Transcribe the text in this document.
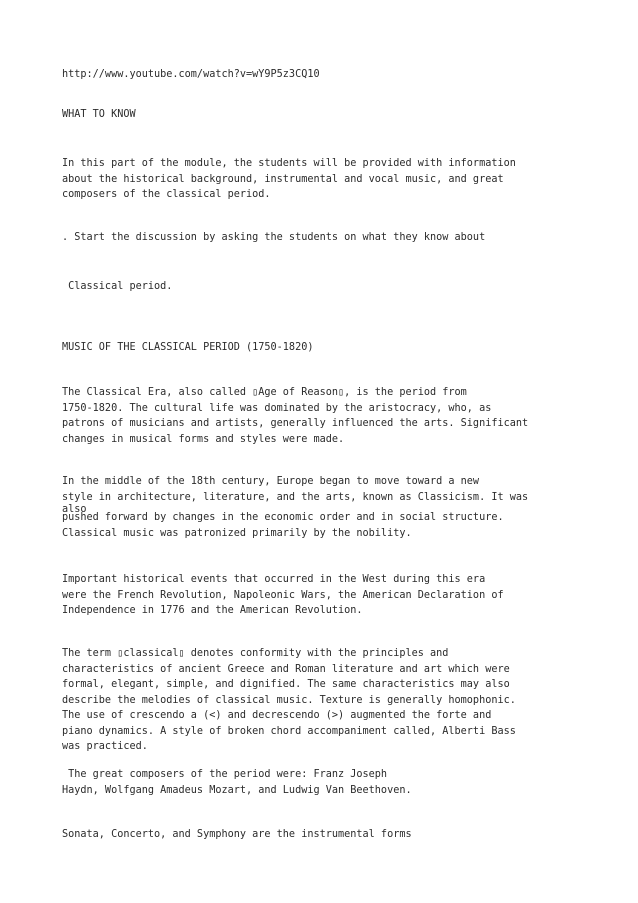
http://www.youtube.com/watch?v=wY9P5z3CQ10

WHAT TO KNOW

In this part of the module, the students will be provided with information

about the historical background, instrumental and vocal music, and great

composers of the classical period.

. Start the discussion by asking the students on what they know about

Classical period.

MUSIC OF THE CLASSICAL PERIOD (1750-1820)

The Classical Era, also called ▯Age of Reason▯, is the period from

1750-1820. The cultural life was dominated by the aristocracy, who, as

patrons of musicians and artists, generally influenced the arts. Significant

changes in musical forms and styles were made.

In the middle of the 18th century, Europe began to move toward a new

style in architecture, literature, and the arts, known as Classicism. It was

also

pushed forward by changes in the economic order and in social structure.

Classical music was patronized primarily by the nobility.

Important historical events that occurred in the West during this era

were the French Revolution, Napoleonic Wars, the American Declaration of

Independence in 1776 and the American Revolution.

The term ▯classical▯ denotes conformity with the principles and

characteristics of ancient Greece and Roman literature and art which were

formal, elegant, simple, and dignified. The same characteristics may also

describe the melodies of classical music. Texture is generally homophonic.

The use of crescendo a (<) and decrescendo (>) augmented the forte and

piano dynamics. A style of broken chord accompaniment called, Alberti Bass

was practiced.

The great composers of the period were: Franz Joseph

Haydn, Wolfgang Amadeus Mozart, and Ludwig Van Beethoven.

Sonata, Concerto, and Symphony are the instrumental forms
